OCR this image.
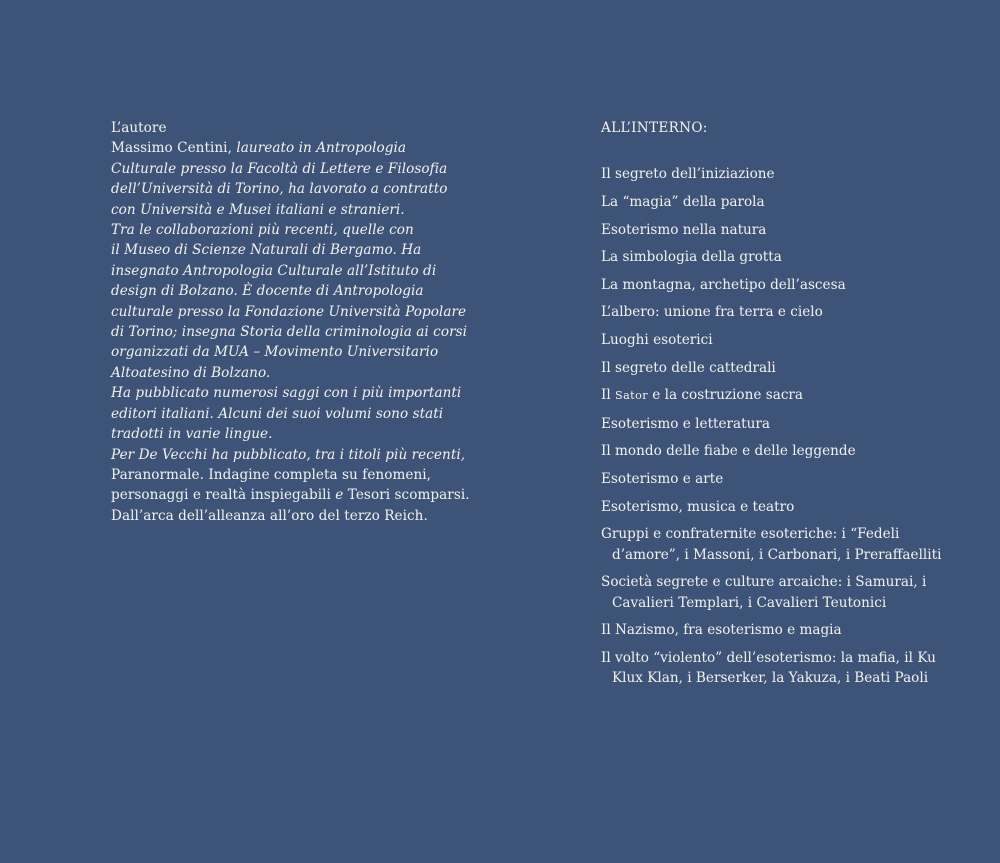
L’autore
Massimo Centini, laureato in Antropologia
Culturale presso la Facoltà di Lettere e Filosofia
dell’Università di Torino, ha lavorato a contratto
con Università e Musei italiani e stranieri.
Tra le collaborazioni più recenti, quelle con
il Museo di Scienze Naturali di Bergamo. Ha
insegnato Antropologia Culturale all’Istituto di
design di Bolzano. È docente di Antropologia
culturale presso la Fondazione Università Popolare
di Torino; insegna Storia della criminologia ai corsi
organizzati da MUA – Movimento Universitario
Altoatesino di Bolzano.
Ha pubblicato numerosi saggi con i più importanti
editori italiani. Alcuni dei suoi volumi sono stati
tradotti in varie lingue.
Per De Vecchi ha pubblicato, tra i titoli più recenti,
Paranormale. Indagine completa su fenomeni,
personaggi e realtà inspiegabili e Tesori scomparsi.
Dall’arca dell’alleanza all’oro del terzo Reich.
ALL’INTERNO:
Il segreto dell’iniziazione
La “magia” della parola
Esoterismo nella natura
La simbologia della grotta
La montagna, archetipo dell’ascesa
L’albero: unione fra terra e cielo
Luoghi esoterici
Il segreto delle cattedrali
Il Sator e la costruzione sacra
Esoterismo e letteratura
Il mondo delle fiabe e delle leggende
Esoterismo e arte
Esoterismo, musica e teatro
Gruppi e confraternite esoteriche: i “Fedeli
d’amore”, i Massoni, i Carbonari, i Preraffaelliti
Società segrete e culture arcaiche: i Samurai, i
Cavalieri Templari, i Cavalieri Teutonici
Il Nazismo, fra esoterismo e magia
Il volto “violento” dell’esoterismo: la mafia, il Ku
Klux Klan, i Berserker, la Yakuza, i Beati Paoli
